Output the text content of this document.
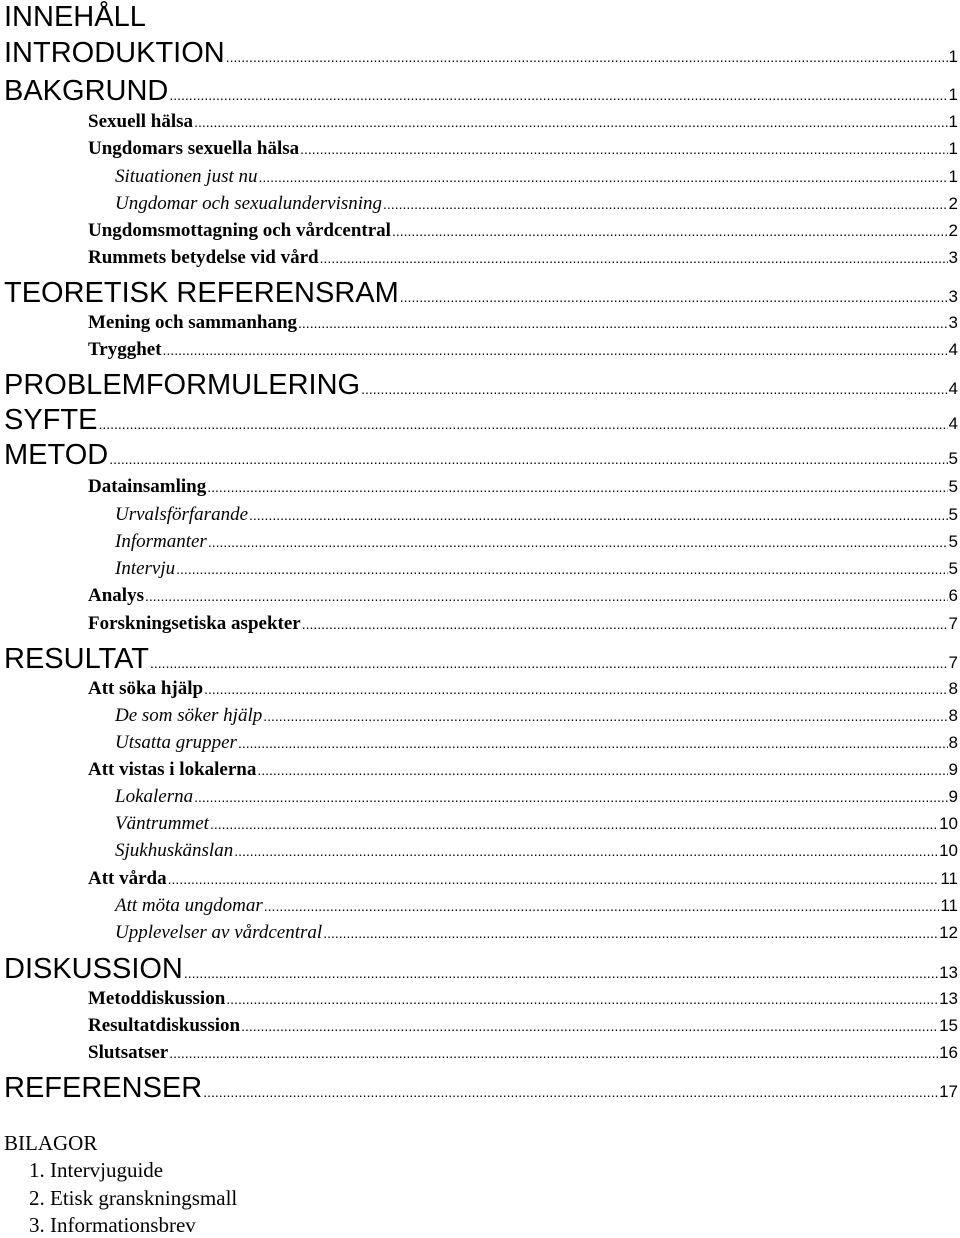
INNEHÅLL
INTRODUKTION .....	1
BAKGRUND .....	1
Sexuell hälsa .....	1
Ungdomars sexuella hälsa .....	1
Situationen just nu .....	1
Ungdomar och sexualundervisning .....	2
Ungdomsmottagning och vårdcentral .....	2
Rummets betydelse vid vård .....	3
TEORETISK REFERENSRAM .....	3
Mening och sammanhang .....	3
Trygghet .....	4
PROBLEMFORMULERING .....	4
SYFTE .....	4
METOD .....	5
Datainsamling .....	5
Urvalsförfarande .....	5
Informanter .....	5
Intervju .....	5
Analys .....	6
Forskningsetiska aspekter .....	7
RESULTAT .....	7
Att söka hjälp .....	8
De som söker hjälp .....	8
Utsatta grupper .....	8
Att vistas i lokalerna .....	9
Lokalerna .....	9
Väntrummet .....	10
Sjukhuskänslan .....	10
Att vårda .....	11
Att möta ungdomar .....	11
Upplevelser av vårdcentral .....	12
DISKUSSION .....	13
Metoddiskussion .....	13
Resultatdiskussion .....	15
Slutsatser .....	16
REFERENSER .....	17
BILAGOR
1. Intervjuguide
2. Etisk granskningsmall
3. Informationsbrev
